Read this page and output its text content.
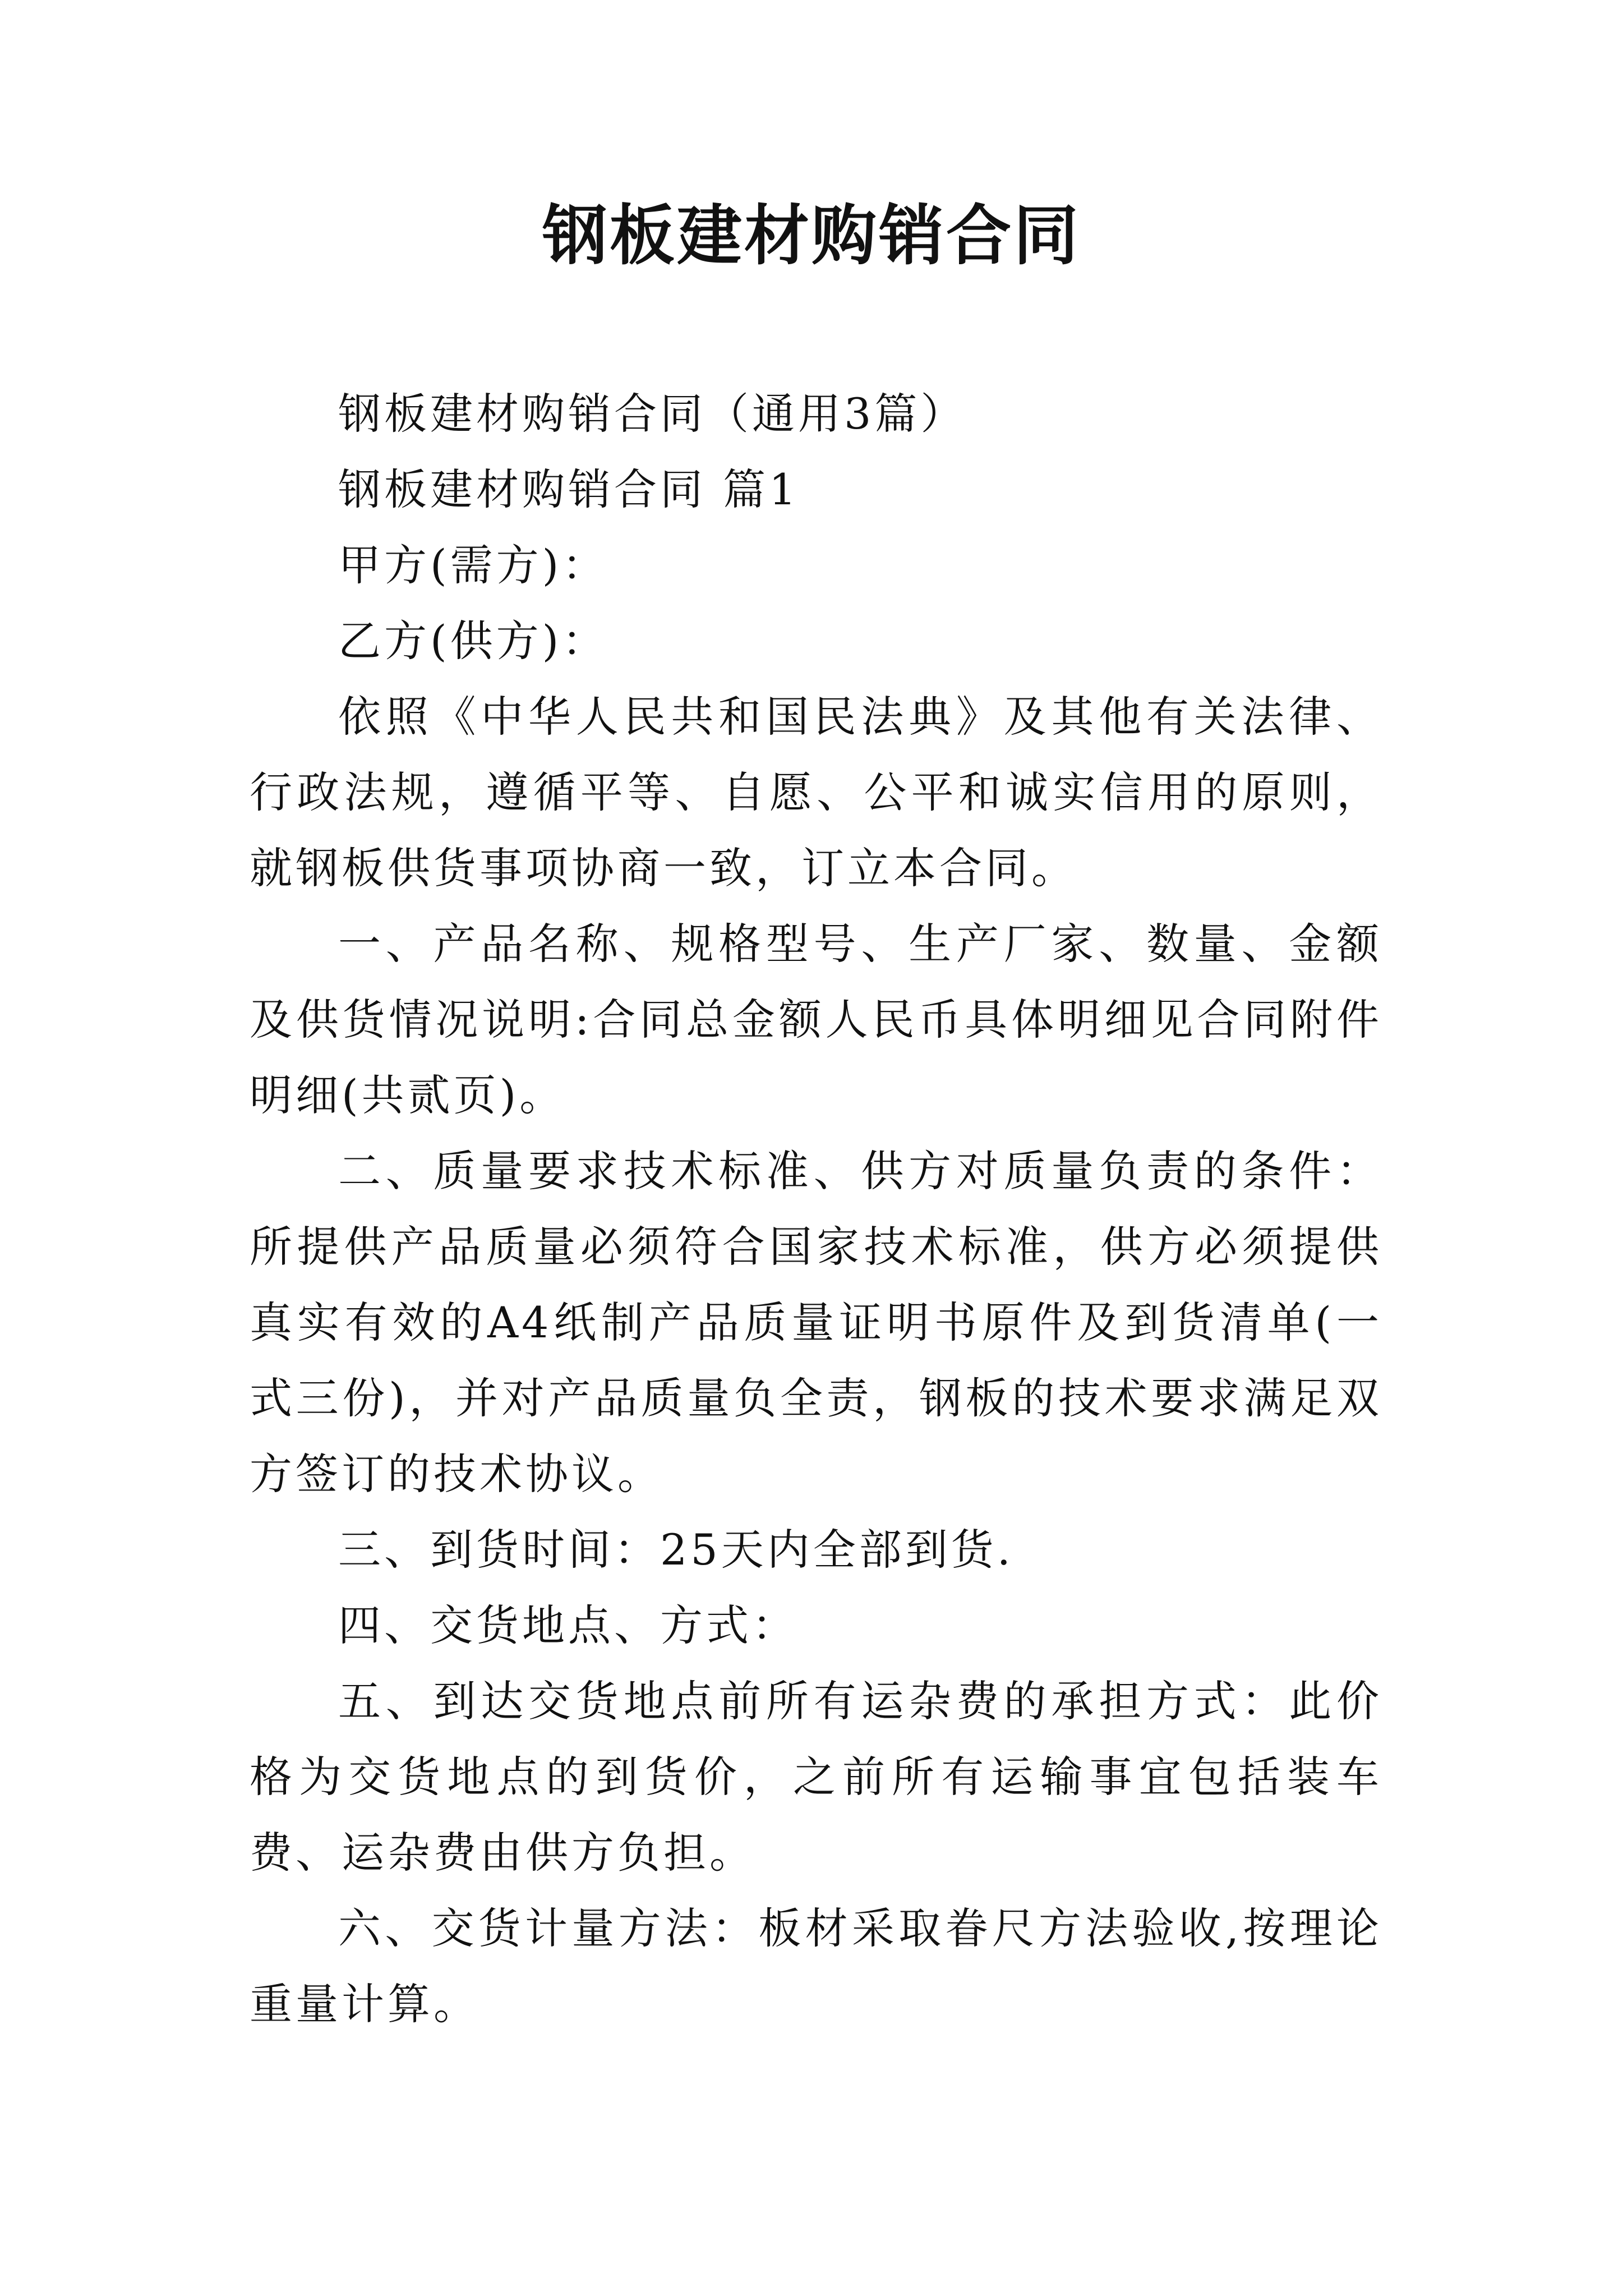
钢板建材购销合同

钢板建材购销合同（通用3篇）

钢板建材购销合同 篇1

甲方(需方)：

乙方(供方)：

依照《中华人民共和国民法典》及其他有关法律、行政法规，遵循平等、自愿、公平和诚实信用的原则，就钢板供货事项协商一致，订立本合同。

一、产品名称、规格型号、生产厂家、数量、金额及供货情况说明:合同总金额人民币具体明细见合同附件明细(共贰页)。

二、质量要求技术标准、供方对质量负责的条件：所提供产品质量必须符合国家技术标准，供方必须提供真实有效的A4纸制产品质量证明书原件及到货清单(一式三份)，并对产品质量负全责，钢板的技术要求满足双方签订的技术协议。

三、到货时间：25天内全部到货.

四、交货地点、方式：

五、到达交货地点前所有运杂费的承担方式：此价格为交货地点的到货价，之前所有运输事宜包括装车费、运杂费由供方负担。

六、交货计量方法：板材采取眷尺方法验收,按理论重量计算。
